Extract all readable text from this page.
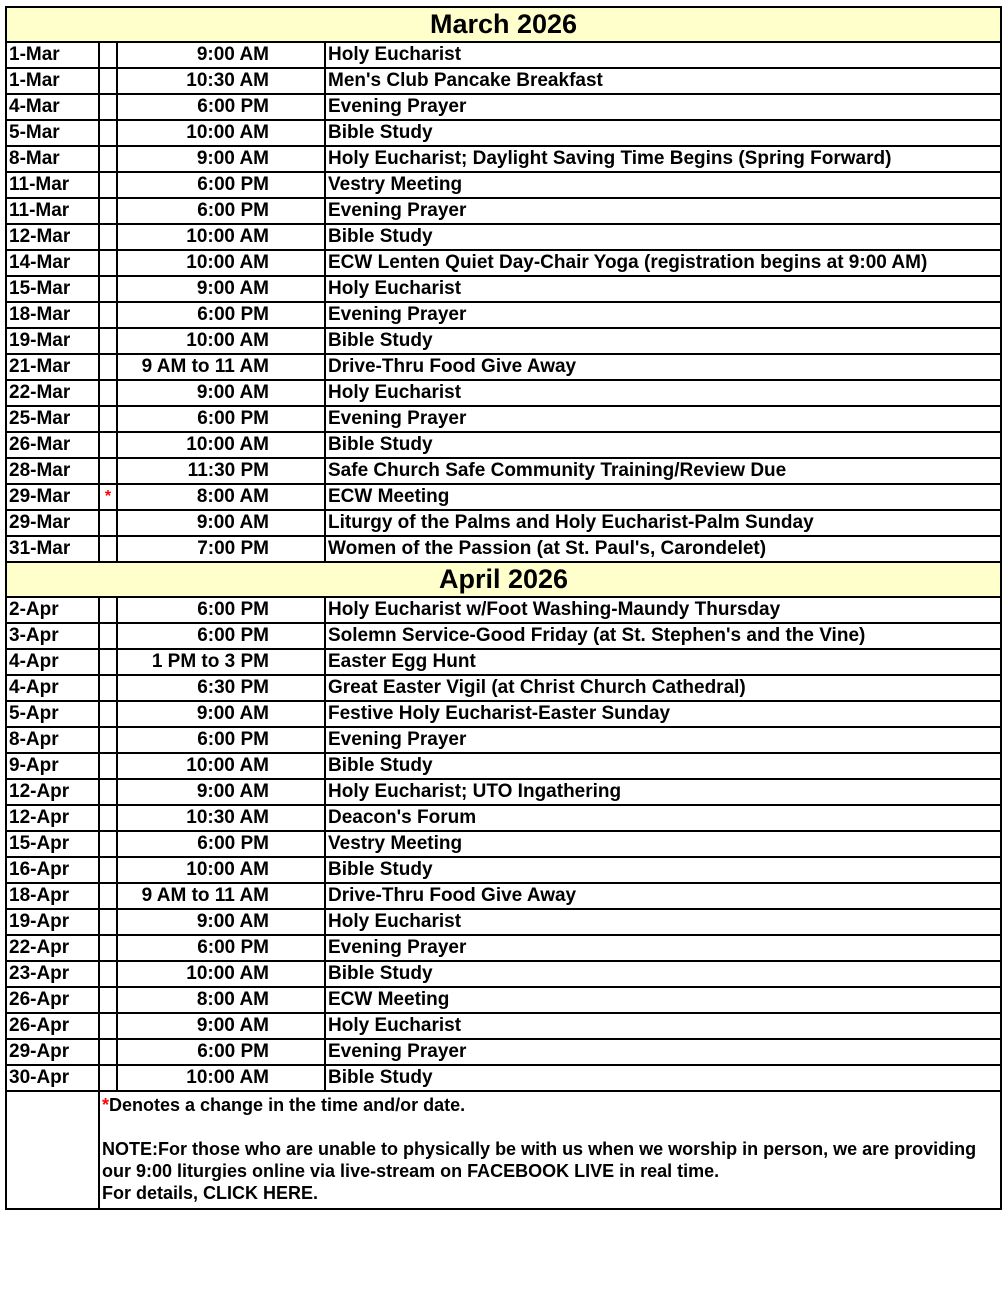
March 2026			
1-Mar		9:00 AM	Holy Eucharist
1-Mar		10:30 AM	Men's Club Pancake Breakfast
4-Mar		6:00 PM	Evening Prayer
5-Mar		10:00 AM	Bible Study
8-Mar		9:00 AM	Holy Eucharist; Daylight Saving Time Begins (Spring Forward)
11-Mar		6:00 PM	Vestry Meeting
11-Mar		6:00 PM	Evening Prayer
12-Mar		10:00 AM	Bible Study
14-Mar		10:00 AM	ECW Lenten Quiet Day-Chair Yoga (registration begins at 9:00 AM)
15-Mar		9:00 AM	Holy Eucharist
18-Mar		6:00 PM	Evening Prayer
19-Mar		10:00 AM	Bible Study
21-Mar		9 AM to 11 AM	Drive-Thru Food Give Away
22-Mar		9:00 AM	Holy Eucharist
25-Mar		6:00 PM	Evening Prayer
26-Mar		10:00 AM	Bible Study
28-Mar		11:30 PM	Safe Church Safe Community Training/Review Due
29-Mar	*	8:00 AM	ECW Meeting
29-Mar		9:00 AM	Liturgy of the Palms and Holy Eucharist-Palm Sunday
31-Mar		7:00 PM	Women of the Passion (at St. Paul's, Carondelet)
April 2026			
2-Apr		6:00 PM	Holy Eucharist w/Foot Washing-Maundy Thursday
3-Apr		6:00 PM	Solemn Service-Good Friday (at St. Stephen's and the Vine)
4-Apr		1 PM to 3 PM	Easter Egg Hunt
4-Apr		6:30 PM	Great Easter Vigil (at Christ Church Cathedral)
5-Apr		9:00 AM	Festive Holy Eucharist-Easter Sunday
8-Apr		6:00 PM	Evening Prayer
9-Apr		10:00 AM	Bible Study
12-Apr		9:00 AM	Holy Eucharist; UTO Ingathering
12-Apr		10:30 AM	Deacon's Forum
15-Apr		6:00 PM	Vestry Meeting
16-Apr		10:00 AM	Bible Study
18-Apr		9 AM to 11 AM	Drive-Thru Food Give Away
19-Apr		9:00 AM	Holy Eucharist
22-Apr		6:00 PM	Evening Prayer
23-Apr		10:00 AM	Bible Study
26-Apr		8:00 AM	ECW Meeting
26-Apr		9:00 AM	Holy Eucharist
29-Apr		6:00 PM	Evening Prayer
30-Apr		10:00 AM	Bible Study

	*Denotes a change in the time and/or date.
NOTE:For those who are unable to physically be with us when we worship in person, we are providing our 9:00 liturgies online via live-stream on FACEBOOK LIVE in real time.
For details, CLICK HERE.		
